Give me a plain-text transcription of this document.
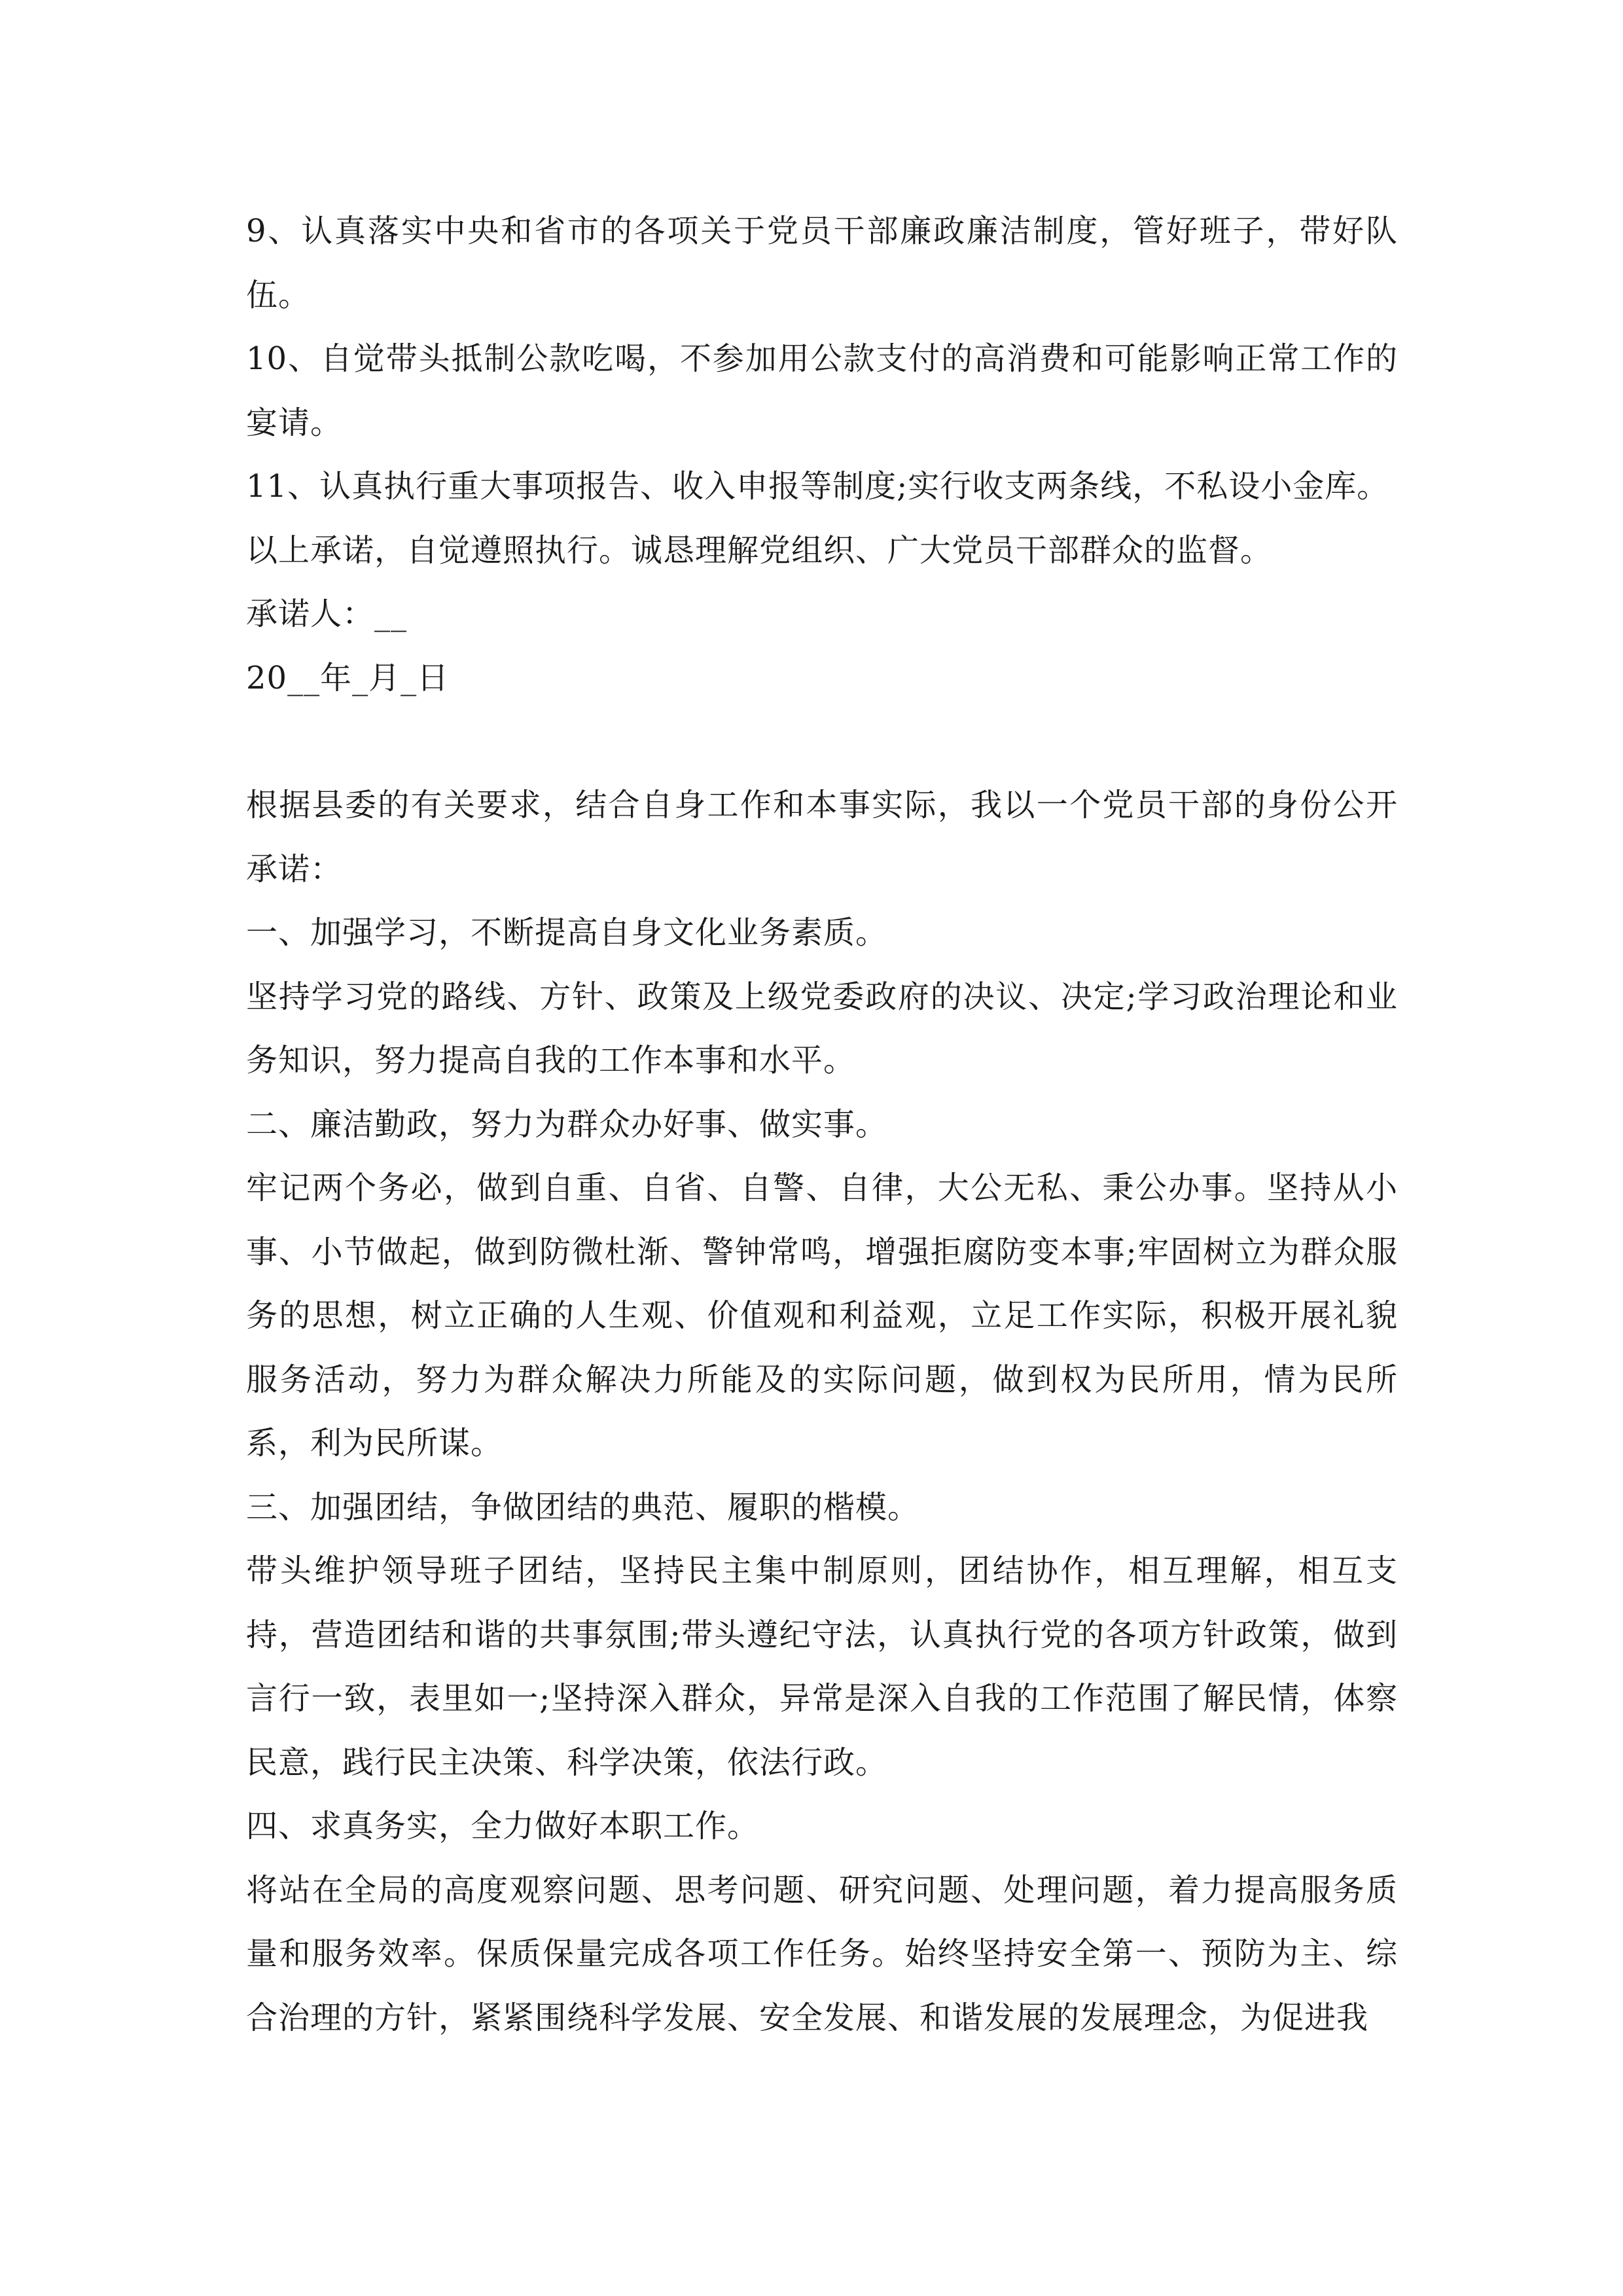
9、认真落实中央和省市的各项关于党员干部廉政廉洁制度，管好班子，带好队伍。

10、自觉带头抵制公款吃喝，不参加用公款支付的高消费和可能影响正常工作的宴请。

11、认真执行重大事项报告、收入申报等制度;实行收支两条线，不私设小金库。

以上承诺，自觉遵照执行。诚恳理解党组织、广大党员干部群众的监督。

承诺人：__

20__年_月_日

根据县委的有关要求，结合自身工作和本事实际，我以一个党员干部的身份公开承诺：

一、加强学习，不断提高自身文化业务素质。

坚持学习党的路线、方针、政策及上级党委政府的决议、决定;学习政治理论和业务知识，努力提高自我的工作本事和水平。

二、廉洁勤政，努力为群众办好事、做实事。

牢记两个务必，做到自重、自省、自警、自律，大公无私、秉公办事。坚持从小事、小节做起，做到防微杜渐、警钟常鸣，增强拒腐防变本事;牢固树立为群众服务的思想，树立正确的人生观、价值观和利益观，立足工作实际，积极开展礼貌服务活动，努力为群众解决力所能及的实际问题，做到权为民所用，情为民所系，利为民所谋。

三、加强团结，争做团结的典范、履职的楷模。

带头维护领导班子团结，坚持民主集中制原则，团结协作，相互理解，相互支持，营造团结和谐的共事氛围;带头遵纪守法，认真执行党的各项方针政策，做到言行一致，表里如一;坚持深入群众，异常是深入自我的工作范围了解民情，体察民意，践行民主决策、科学决策，依法行政。

四、求真务实，全力做好本职工作。

将站在全局的高度观察问题、思考问题、研究问题、处理问题，着力提高服务质量和服务效率。保质保量完成各项工作任务。始终坚持安全第一、预防为主、综合治理的方针，紧紧围绕科学发展、安全发展、和谐发展的发展理念，为促进我
